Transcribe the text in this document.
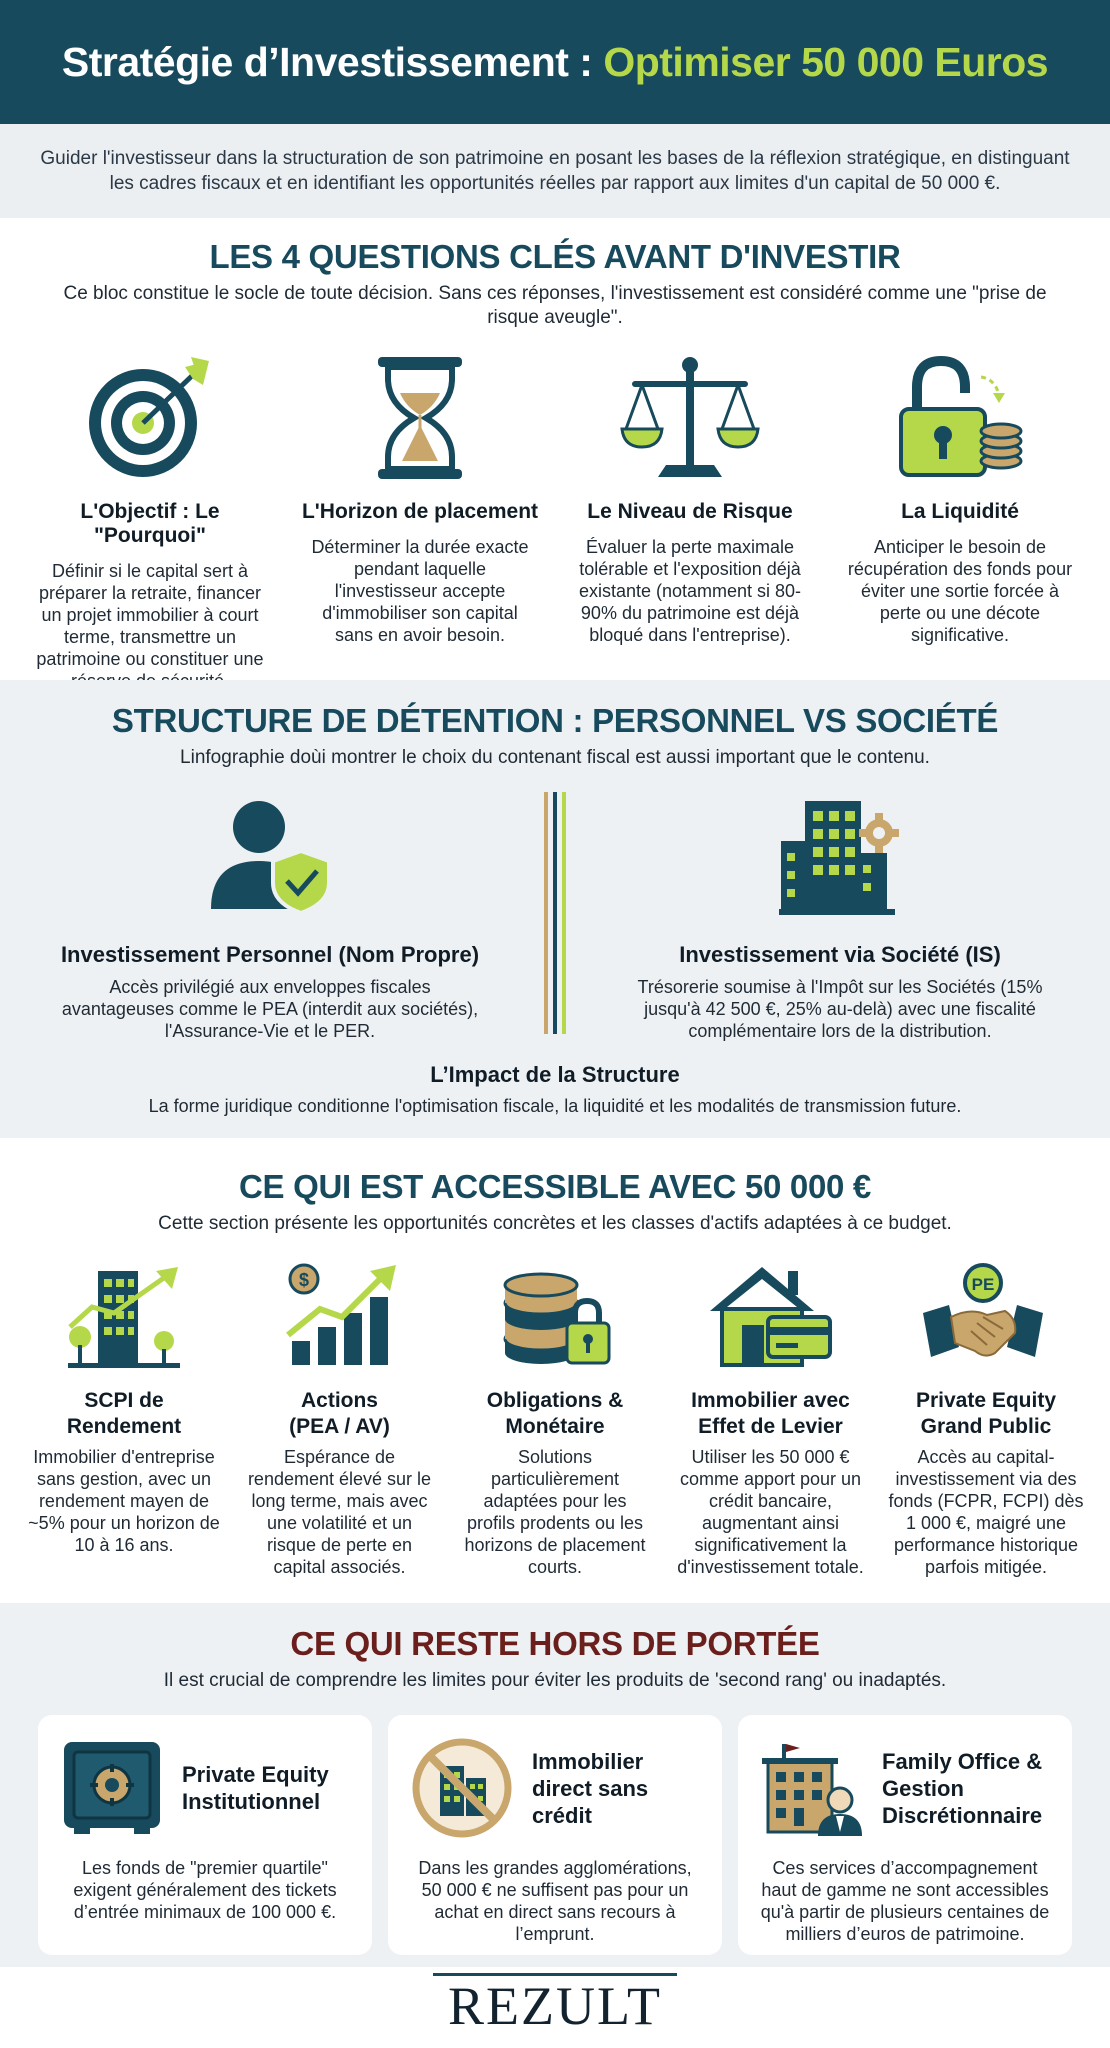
Stratégie d’Investissement : Optimiser 50 000 Euros

Guider l'investisseur dans la structuration de son patrimoine en posant les bases de la réflexion stratégique, en distinguant les cadres fiscaux et en identifiant les opportunités réelles par rapport aux limites d'un capital de 50 000 €.

LES 4 QUESTIONS CLÉS AVANT D'INVESTIR

Ce bloc constitue le socle de toute décision. Sans ces réponses, l'investissement est considéré comme une "prise de risque aveugle".

L'Objectif : Le "Pourquoi"
Définir si le capital sert à préparer la retraite, financer un projet immobilier à court terme, transmettre un patrimoine ou constituer une
L'Horizon de placement
Déterminer la durée exacte pendant laquelle l'investisseur accepte d'immobiliser son capital sans en avoir besoin.
Le Niveau de Risque
Évaluer la perte maximale tolérable et l'exposition déjà existante (notamment si 80-90% du patrimoine est déjà bloqué dans l'entreprise).
La Liquidité
Anticiper le besoin de récupération des fonds pour éviter une sortie forcée à perte ou une décote significative.
STRUCTURE DE DÉTENTION : PERSONNEL VS SOCIÉTÉ

Linfographie doùi montrer le choix du contenant fiscal est aussi important que le contenu.

Investissement Personnel (Nom Propre)
Accès privilégié aux enveloppes fiscales avantageuses comme le PEA (interdit aux sociétés), l'Assurance-Vie et le PER.
Investissement via Société (IS)
Trésorerie soumise à l'Impôt sur les Sociétés (15% jusqu'à 42 500 €, 25% au-delà) avec une fiscalité complémentaire lors de la distribution.
L’Impact de la Structure
La forme juridique conditionne l'optimisation fiscale, la liquidité et les modalités de transmission future.
CE QUI EST ACCESSIBLE AVEC 50 000 €

Cette section présente les opportunités concrètes et les classes d'actifs adaptées à ce budget.

SCPI de
Rendement
Immobilier d'entreprise sans gestion, avec un rendement mayen de ~5% pour un horizon de 10 à 16 ans.
$
Actions
(PEA / AV)
Espérance de rendement élevé sur le long terme, mais avec une volatilité et un risque de perte en capital associés.
Obligations &
Monétaire
Solutions particulièrement adaptées pour les profils prodents ou les horizons de placement courts.
Immobilier avec
Effet de Levier
Utiliser les 50 000 € comme apport pour un crédit bancaire, augmentant ainsi significativement la d'investissement totale.
PE
Private Equity
Grand Public
Accès au capital-investissement via des fonds (FCPR, FCPI) dès 1 000 €, maigré une performance historique parfois mitigée.
CE QUI RESTE HORS DE PORTÉE

Il est crucial de comprendre les limites pour éviter les produits de 'second rang' ou inadaptés.

Private Equity Institutionnel
Les fonds de "premier quartile" exigent généralement des tickets d’entrée minimaux de 100 000 €.
Immobilier direct sans crédit
Dans les grandes agglomérations, 50 000 € ne suffisent pas pour un achat en direct sans recours à l’emprunt.
Family Office & Gestion Discrétionnaire
Ces services d’accompagnement haut de gamme ne sont accessibles qu'à partir de plusieurs centaines de milliers d’euros de patrimoine.
REZULT
